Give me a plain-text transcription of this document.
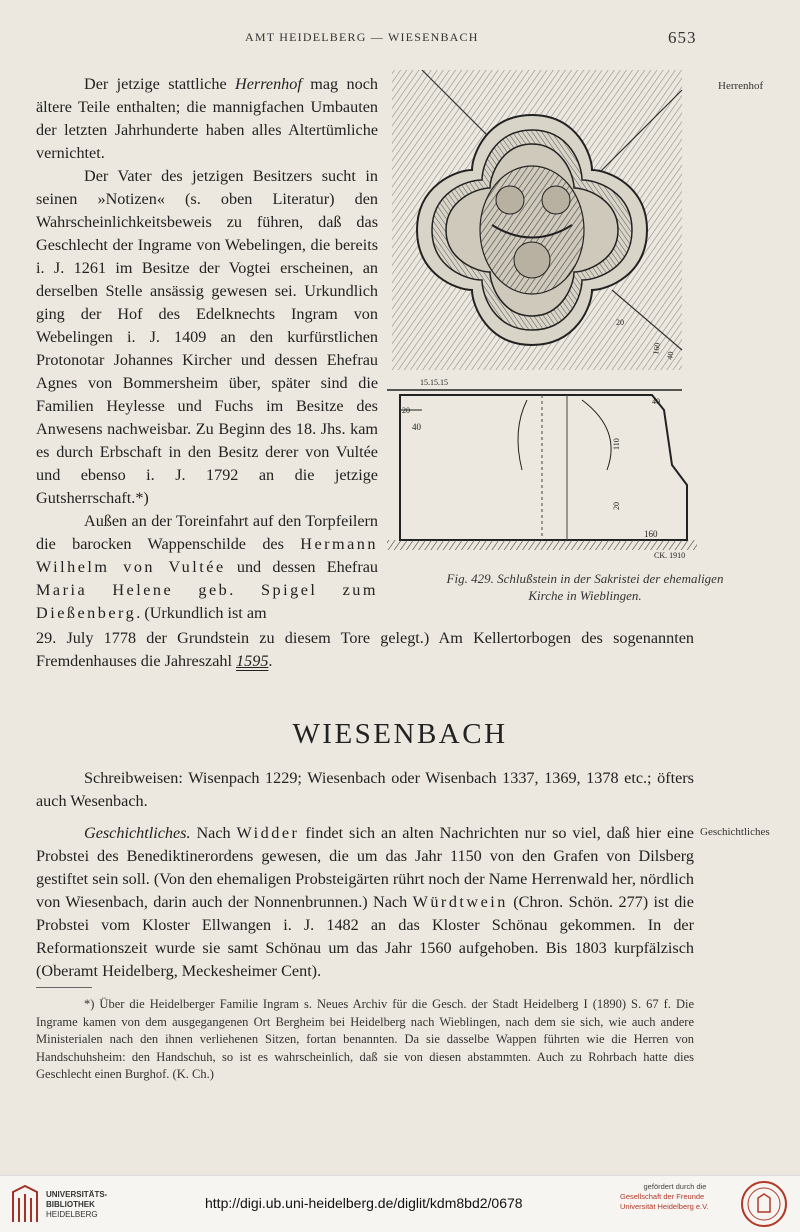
AMT HEIDELBERG — WIESENBACH	653
Herrenhof

Der jetzige stattliche Herrenhof mag noch ältere Teile enthalten; die mannigfachen Umbauten der letzten Jahrhunderte haben alles Altertümliche vernichtet.

Der Vater des jetzigen Besitzers sucht in seinen »Notizen« (s. oben Literatur) den Wahrscheinlichkeitsbeweis zu führen, daß das Geschlecht der Ingrame von Webelingen, die bereits i. J. 1261 im Besitze der Vogtei erscheinen, an derselben Stelle ansässig gewesen sei. Urkundlich ging der Hof des Edelknechts Ingram von Webelingen i. J. 1409 an den kurfürstlichen Protonotar Johannes Kircher und dessen Ehefrau Agnes von Bommersheim über, später sind die Familien Heylesse und Fuchs im Besitze des Anwesens nachweisbar. Zu Beginn des 18. Jhs. kam es durch Erbschaft in den Besitz derer von Vultée und ebenso i. J. 1792 an die jetzige Gutsherrschaft.*)

Außen an der Toreinfahrt auf den Torpfeilern die barocken Wappenschilde des Hermann Wilhelm von Vultée und dessen Ehefrau Maria Helene geb. Spigel zum Dießenberg. (Urkundlich ist am

20
160
40
15.15.15
20
40
40
110
20
160
CK. 1910
Fig. 429. Schlußstein in der Sakristei der ehemaligen Kirche in Wieblingen.

29. July 1778 der Grundstein zu diesem Tore gelegt.) Am Kellertorbogen des sogenannten Fremdenhauses die Jahreszahl 1595.

WIESENBACH
Geschichtliches

Schreibweisen: Wisenpach 1229; Wiesenbach oder Wisenbach 1337, 1369, 1378 etc.; öfters auch Wesenbach.

Geschichtliches. Nach Widder findet sich an alten Nachrichten nur so viel, daß hier eine Probstei des Benediktinerordens gewesen, die um das Jahr 1150 von den Grafen von Dilsberg gestiftet sein soll. (Von den ehemaligen Probsteigärten rührt noch der Name Herrenwald her, nördlich von Wiesenbach, darin auch der Nonnenbrunnen.) Nach Würdtwein (Chron. Schön. 277) ist die Probstei vom Kloster Ellwangen i. J. 1482 an das Kloster Schönau gekommen. In der Reformationszeit wurde sie samt Schönau um das Jahr 1560 aufgehoben. Bis 1803 kurpfälzisch (Oberamt Heidelberg, Meckesheimer Cent).

*) Über die Heidelberger Familie Ingram s. Neues Archiv für die Gesch. der Stadt Heidelberg I (1890) S. 67 f. Die Ingrame kamen von dem ausgegangenen Ort Bergheim bei Heidelberg nach Wieblingen, nach dem sie sich, wie auch andere Ministerialen nach den ihnen verliehenen Sitzen, fortan benannten. Da sie dasselbe Wappen führten wie die Herren von Handschuhsheim: den Handschuh, so ist es wahrscheinlich, daß sie von diesen abstammten. Auch zu Rohrbach hatte dies Geschlecht einen Burghof. (K. Ch.)

UNIVERSITÄTS-
BIBLIOTHEK
HEIDELBERG
http://digi.ub.uni-heidelberg.de/diglit/kdm8bd2/0678
gefördert durch die
Gesellschaft der Freunde
Universität Heidelberg e.V.
